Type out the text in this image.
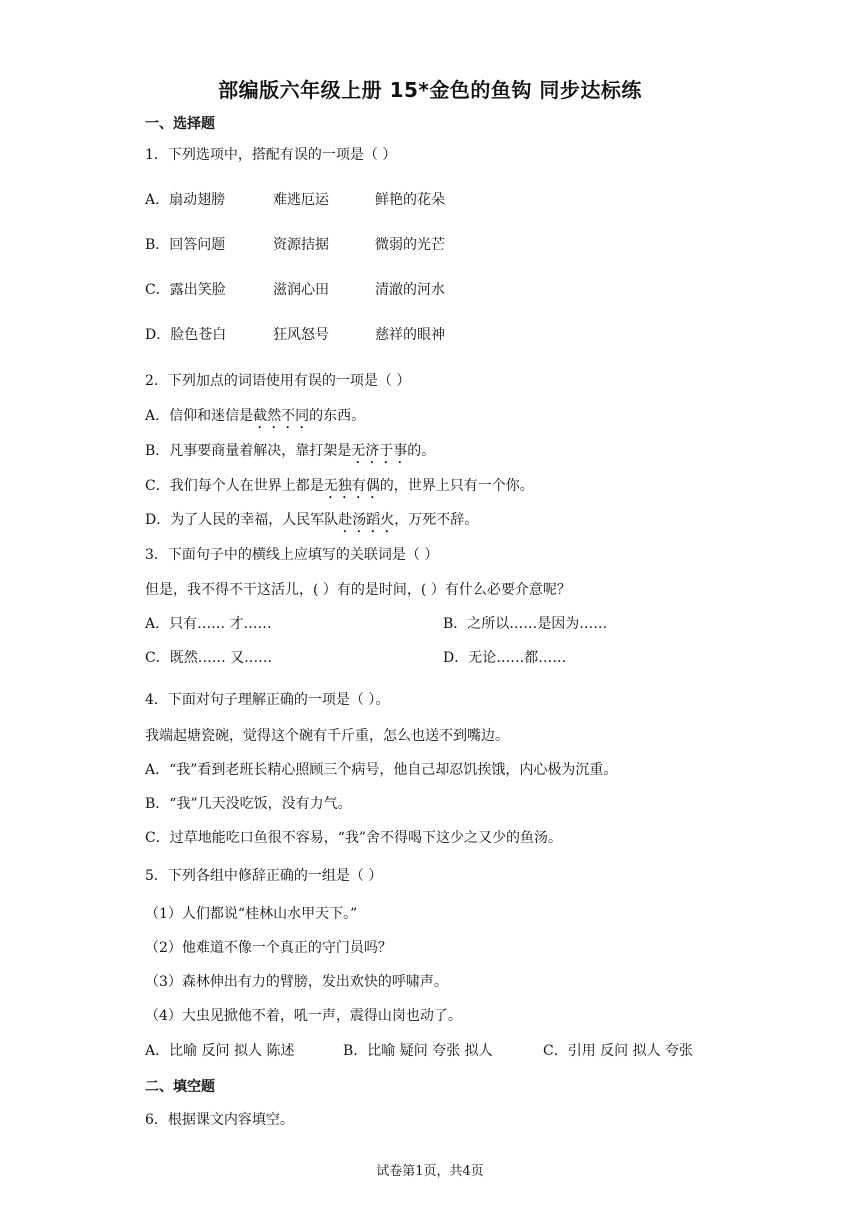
部编版六年级上册 15*金色的鱼钩 同步达标练
一、选择题
1．下列选项中，搭配有误的一项是（ ）
A．扇动翅膀	难逃厄运	鲜艳的花朵
B．回答问题	资源拮据	微弱的光芒
C．露出笑脸	滋润心田	清澈的河水
D．脸色苍白	狂风怒号	慈祥的眼神
2．下列加点的词语使用有误的一项是（ ）
A．信仰和迷信是截然不同的东西。
B．凡事要商量着解决，靠打架是无济于事的。
C．我们每个人在世界上都是无独有偶的，世界上只有一个你。
D．为了人民的幸福，人民军队赴汤蹈火，万死不辞。
3．下面句子中的横线上应填写的关联词是（ ）
但是，我不得不干这活儿，( ）有的是时间，( ）有什么必要介意呢？
A．只有…… 才……	B．之所以……是因为……
C．既然…… 又……	D．无论……都……
4．下面对句子理解正确的一项是（ ）。
我端起塘瓷碗，觉得这个碗有千斤重，怎么也送不到嘴边。
A．“我”看到老班长精心照顾三个病号，他自己却忍饥挨饿，内心极为沉重。
B．“我”几天没吃饭，没有力气。
C．过草地能吃口鱼很不容易，“我”舍不得喝下这少之又少的鱼汤。
5．下列各组中修辞正确的一组是（ ）
（1）人们都说“桂林山水甲天下。”
（2）他难道不像一个真正的守门员吗？
（3）森林伸出有力的臂膀，发出欢快的呼啸声。
（4）大虫见掀他不着，吼一声，震得山岗也动了。
A．比喻 反问 拟人 陈述	B．比喻 疑问 夸张 拟人	C．引用 反问 拟人 夸张
二、填空题
6．根据课文内容填空。
试卷第1页，共4页
